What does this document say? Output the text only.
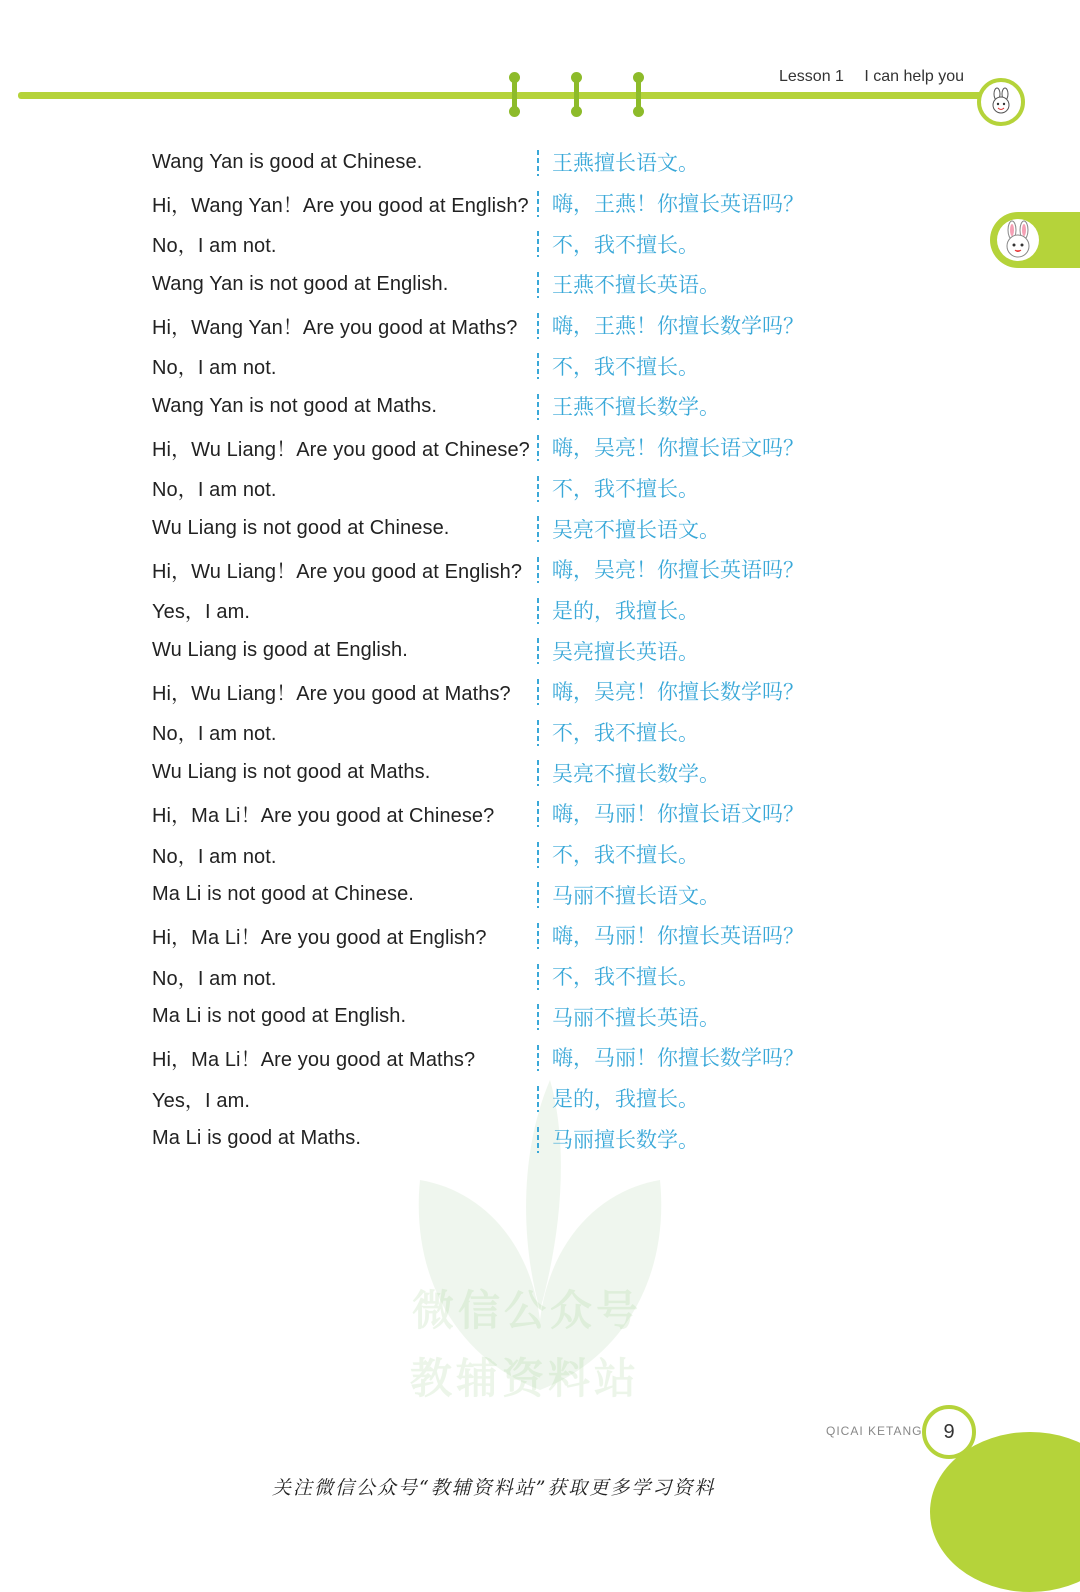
Lesson 1 I can help you
微信公众号
教辅资料站
Wang Yan is good at Chinese.	王燕擅长语文。
Hi，Wang Yan！Are you good at English?	嗨，王燕！你擅长英语吗？
No，I am not.	不，我不擅长。
Wang Yan is not good at English.	王燕不擅长英语。
Hi，Wang Yan！Are you good at Maths?	嗨，王燕！你擅长数学吗？
No，I am not.	不，我不擅长。
Wang Yan is not good at Maths.	王燕不擅长数学。
Hi，Wu Liang！Are you good at Chinese?	嗨，吴亮！你擅长语文吗？
No，I am not.	不，我不擅长。
Wu Liang is not good at Chinese.	吴亮不擅长语文。
Hi，Wu Liang！Are you good at English?	嗨，吴亮！你擅长英语吗？
Yes，I am.	是的，我擅长。
Wu Liang is good at English.	吴亮擅长英语。
Hi，Wu Liang！Are you good at Maths?	嗨，吴亮！你擅长数学吗？
No，I am not.	不，我不擅长。
Wu Liang is not good at Maths.	吴亮不擅长数学。
Hi，Ma Li！Are you good at Chinese?	嗨，马丽！你擅长语文吗？
No，I am not.	不，我不擅长。
Ma Li is not good at Chinese.	马丽不擅长语文。
Hi，Ma Li！Are you good at English?	嗨，马丽！你擅长英语吗？
No，I am not.	不，我不擅长。
Ma Li is not good at English.	马丽不擅长英语。
Hi，Ma Li！Are you good at Maths?	嗨，马丽！你擅长数学吗？
Yes，I am.	是的，我擅长。
Ma Li is good at Maths.	马丽擅长数学。
QICAI KETANG	9
关注微信公众号“教辅资料站”获取更多学习资料
